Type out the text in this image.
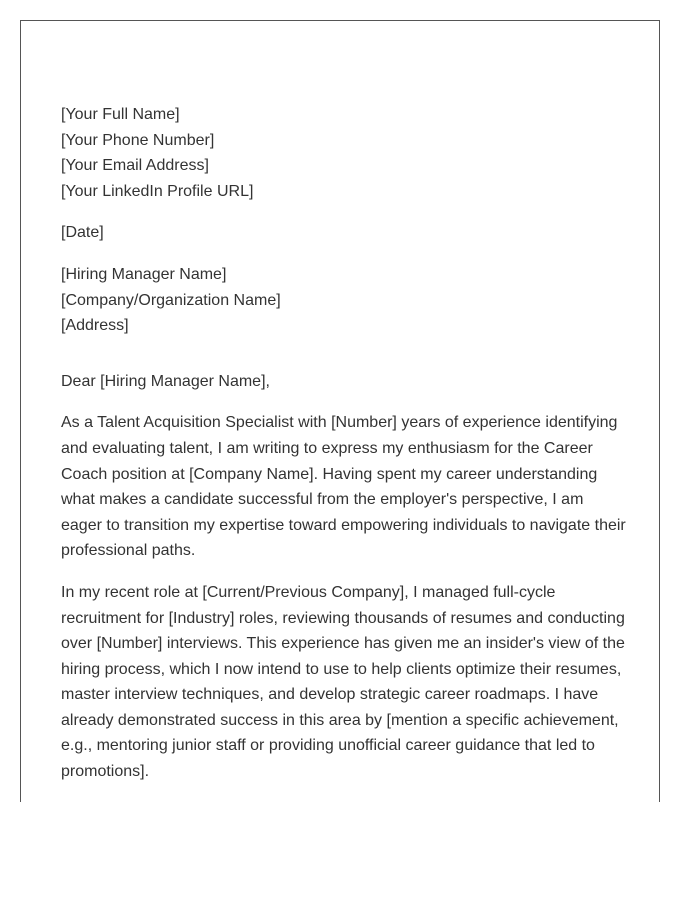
[Your Full Name]
[Your Phone Number]
[Your Email Address]
[Your LinkedIn Profile URL]
[Date]
[Hiring Manager Name]
[Company/Organization Name]
[Address]

Dear [Hiring Manager Name],

As a Talent Acquisition Specialist with [Number] years of experience identifying and evaluating talent, I am writing to express my enthusiasm for the Career Coach position at [Company Name]. Having spent my career understanding what makes a candidate successful from the employer's perspective, I am eager to transition my expertise toward empowering individuals to navigate their professional paths.

In my recent role at [Current/Previous Company], I managed full-cycle recruitment for [Industry] roles, reviewing thousands of resumes and conducting over [Number] interviews. This experience has given me an insider's view of the hiring process, which I now intend to use to help clients optimize their resumes, master interview techniques, and develop strategic career roadmaps. I have already demonstrated success in this area by [mention a specific achievement, e.g., mentoring junior staff or providing unofficial career guidance that led to promotions].
